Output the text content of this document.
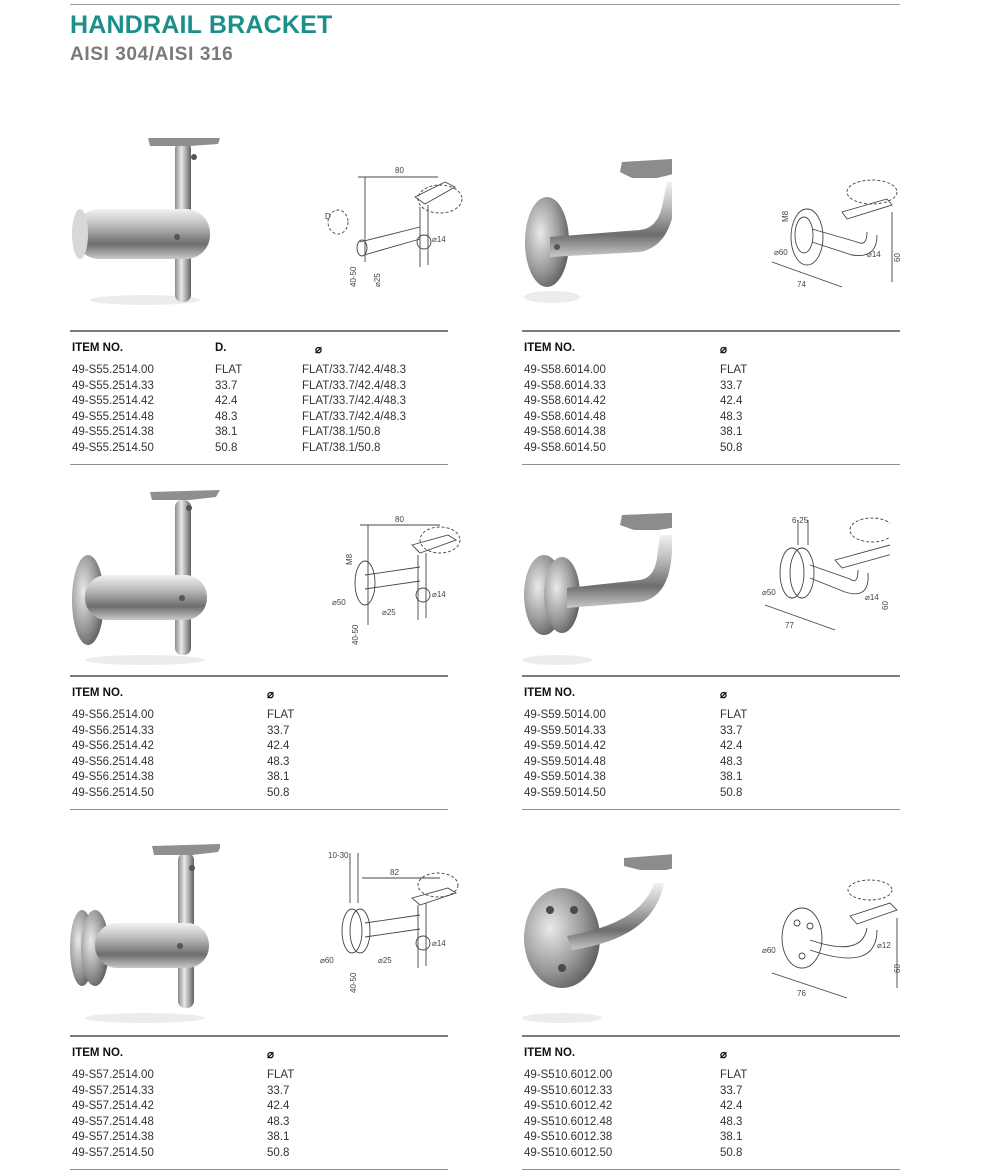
HANDRAIL BRACKET
AISI 304/AISI 316
80
D
⌀14
40-50 ⌀25
ITEM NO.	D.	⌀
49-S55.2514.00	FLAT	FLAT/33.7/42.4/48.3
49-S55.2514.33	33.7	FLAT/33.7/42.4/48.3
49-S55.2514.42	42.4	FLAT/33.7/42.4/48.3
49-S55.2514.48	48.3	FLAT/33.7/42.4/48.3
49-S55.2514.38	38.1	FLAT/38.1/50.8
49-S55.2514.50	50.8	FLAT/38.1/50.8
M8
⌀60	⌀14 60
74
ITEM NO.	⌀
49-S58.6014.00	FLAT
49-S58.6014.33	33.7
49-S58.6014.42	42.4
49-S58.6014.48	48.3
49-S58.6014.38	38.1
49-S58.6014.50	50.8
80
M8
⌀50
⌀14
40-50
⌀25
ITEM NO.	⌀
49-S56.2514.00	FLAT
49-S56.2514.33	33.7
49-S56.2514.42	42.4
49-S56.2514.48	48.3
49-S56.2514.38	38.1
49-S56.2514.50	50.8
6-25
⌀50
⌀14
60
77
ITEM NO.	⌀
49-S59.5014.00	FLAT
49-S59.5014.33	33.7
49-S59.5014.42	42.4
49-S59.5014.48	48.3
49-S59.5014.38	38.1
49-S59.5014.50	50.8
10-30
82
⌀60
⌀14
40-50
⌀25
ITEM NO.	⌀
49-S57.2514.00	FLAT
49-S57.2514.33	33.7
49-S57.2514.42	42.4
49-S57.2514.48	48.3
49-S57.2514.38	38.1
49-S57.2514.50	50.8
⌀60
⌀12
60
76
ITEM NO.	⌀
49-S510.6012.00	FLAT
49-S510.6012.33	33.7
49-S510.6012.42	42.4
49-S510.6012.48	48.3
49-S510.6012.38	38.1
49-S510.6012.50	50.8
